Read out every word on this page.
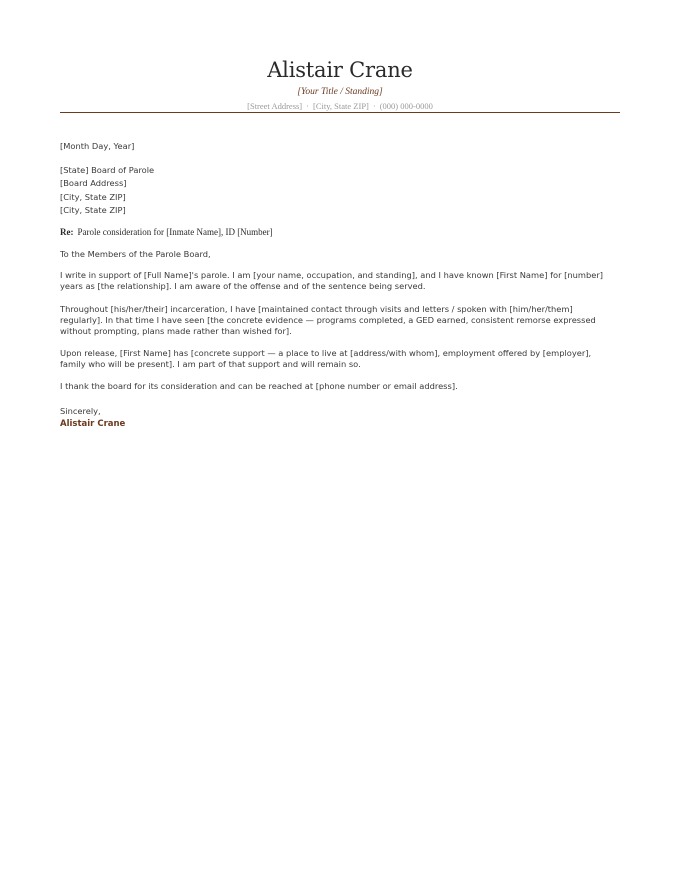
Alistair Crane
[Your Title / Standing]
[Street Address] · [City, State ZIP] · (000) 000-0000
[Month Day, Year]
[State] Board of Parole
[Board Address]
[City, State ZIP]
[City, State ZIP]
Re: Parole consideration for [Inmate Name], ID [Number]
To the Members of the Parole Board,
I write in support of [Full Name]'s parole. I am [your name, occupation, and standing], and I have known [First Name] for [number] years as [the relationship]. I am aware of the offense and of the sentence being served.
Throughout [his/her/their] incarceration, I have [maintained contact through visits and letters / spoken with [him/her/them] regularly]. In that time I have seen [the concrete evidence — programs completed, a GED earned, consistent remorse expressed without prompting, plans made rather than wished for].
Upon release, [First Name] has [concrete support — a place to live at [address/with whom], employment offered by [employer], family who will be present]. I am part of that support and will remain so.
I thank the board for its consideration and can be reached at [phone number or email address].
Sincerely,
Alistair Crane
